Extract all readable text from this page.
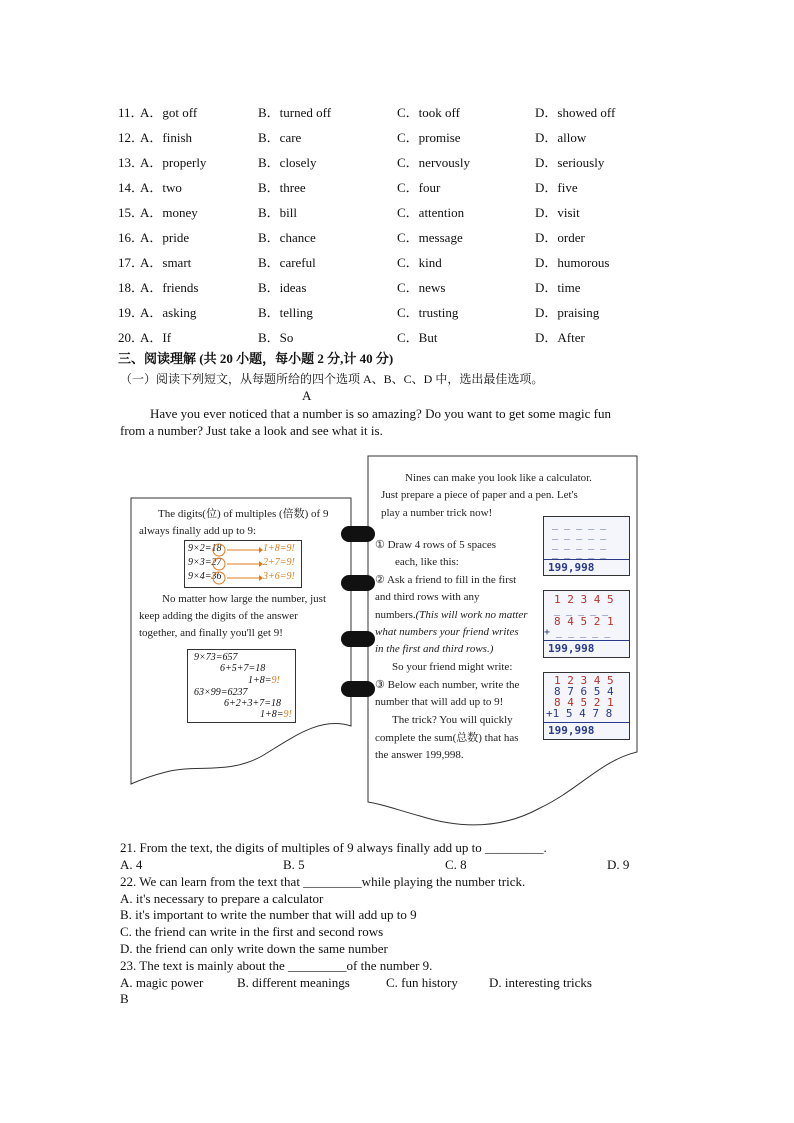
11．
A．got off	B．turned off	C．took off	D．showed off
12．
A．finish	B．care	C．promise	D．allow
13．
A．properly	B．closely	C．nervously	D．seriously
14．
A．two	B．three	C．four	D．five
15．
A．money	B．bill	C．attention	D．visit
16．
A．pride	B．chance	C．message	D．order
17．
A．smart	B．careful	C．kind	D．humorous
18．
A．friends	B．ideas	C．news	D．time
19．
A．asking	B．telling	C．trusting	D．praising
20．
A．If	B．So	C．But	D．After
三、阅读理解 (共 20 小题，每小题 2 分,计 40 分)
（一）阅读下列短文，从每题所给的四个选项 A、B、C、D 中，选出最佳选项。
A
Have you ever noticed that a number is so amazing? Do you want to get some magic fun
from a number? Just take a look and see what it is.
The digits(位) of multiples (倍数) of 9
always finally add up to 9:
9×2=18	1+8=9!
9×3=27	2+7=9!
9×4=36	3+6=9!
No matter how large the number, just
keep adding the digits of the answer
together, and finally you'll get 9!
9×73=657
6+5+7=18
1+8=9!
63×99=6237
6+2+3+7=18
1+8=9!
Nines can make you look like a calculator.
Just prepare a piece of paper and a pen. Let's
play a number trick now!
① Draw 4 rows of 5 spaces
each, like this:
② Ask a friend to fill in the first
and third rows with any
numbers.(This will work no matter
what numbers your friend writes
in the first and third rows.)
So your friend might write:
③ Below each number, write the
number that will add up to 9!
The trick? You will quickly
complete the sum(总数) that has
the answer 199,998.
_ _ _ _ _
_ _ _ _ _
_ _ _ _ _
_ _ _ _ _
199,998
1 2 3 4 5
_ _ _ _ _
8 4 5 2 1
+ _ _ _ _ _
199,998
1 2 3 4 5
8 7 6 5 4
8 4 5 2 1
+1 5 4 7 8
199,998
21. From the text, the digits of multiples of 9 always finally add up to _________.
A. 4	B. 5	C. 8	D. 9
22. We can learn from the text that _________while playing the number trick.
A. it's necessary to prepare a calculator
B. it's important to write the number that will add up to 9
C. the friend can write in the first and second rows
D. the friend can only write down the same number
23. The text is mainly about the _________of the number 9.
A. magic power	B. different meanings	C. fun history D. interesting tricks
B
